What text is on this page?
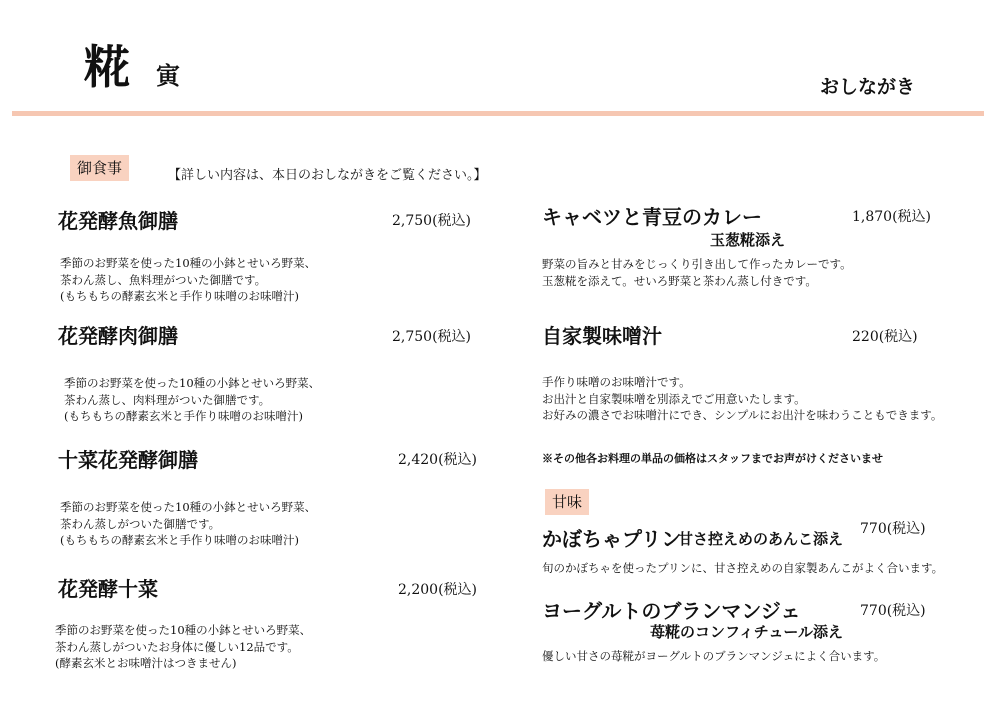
糀 寅	おしながき
御食事	【詳しい内容は、本日のおしながきをご覧ください。】
花発酵魚御膳	2,750(税込)
季節のお野菜を使った10種の小鉢とせいろ野菜、
茶わん蒸し、魚料理がついた御膳です。
(もちもちの酵素玄米と手作り味噌のお味噌汁)
花発酵肉御膳	2,750(税込)
季節のお野菜を使った10種の小鉢とせいろ野菜、
茶わん蒸し、肉料理がついた御膳です。
(もちもちの酵素玄米と手作り味噌のお味噌汁)
十菜花発酵御膳	2,420(税込)
季節のお野菜を使った10種の小鉢とせいろ野菜、
茶わん蒸しがついた御膳です。
(もちもちの酵素玄米と手作り味噌のお味噌汁)
花発酵十菜	2,200(税込)
季節のお野菜を使った10種の小鉢とせいろ野菜、
茶わん蒸しがついたお身体に優しい12品です。
(酵素玄米とお味噌汁はつきません)
キャベツと青豆のカレー	1,870(税込)
玉葱糀添え
野菜の旨みと甘みをじっくり引き出して作ったカレーです。
玉葱糀を添えて。せいろ野菜と茶わん蒸し付きです。
自家製味噌汁	220(税込)
手作り味噌のお味噌汁です。
お出汁と自家製味噌を別添えでご用意いたします。
お好みの濃さでお味噌汁にでき、シンプルにお出汁を味わうこともできます。
※その他各お料理の単品の価格はスタッフまでお声がけくださいませ
甘味
かぼちゃプリン
甘さ控えめのあんこ添え
770(税込)
旬のかぼちゃを使ったプリンに、甘さ控えめの自家製あんこがよく合います。
ヨーグルトのブランマンジェ	770(税込)
苺糀のコンフィチュール添え
優しい甘さの苺糀がヨーグルトのブランマンジェによく合います。
